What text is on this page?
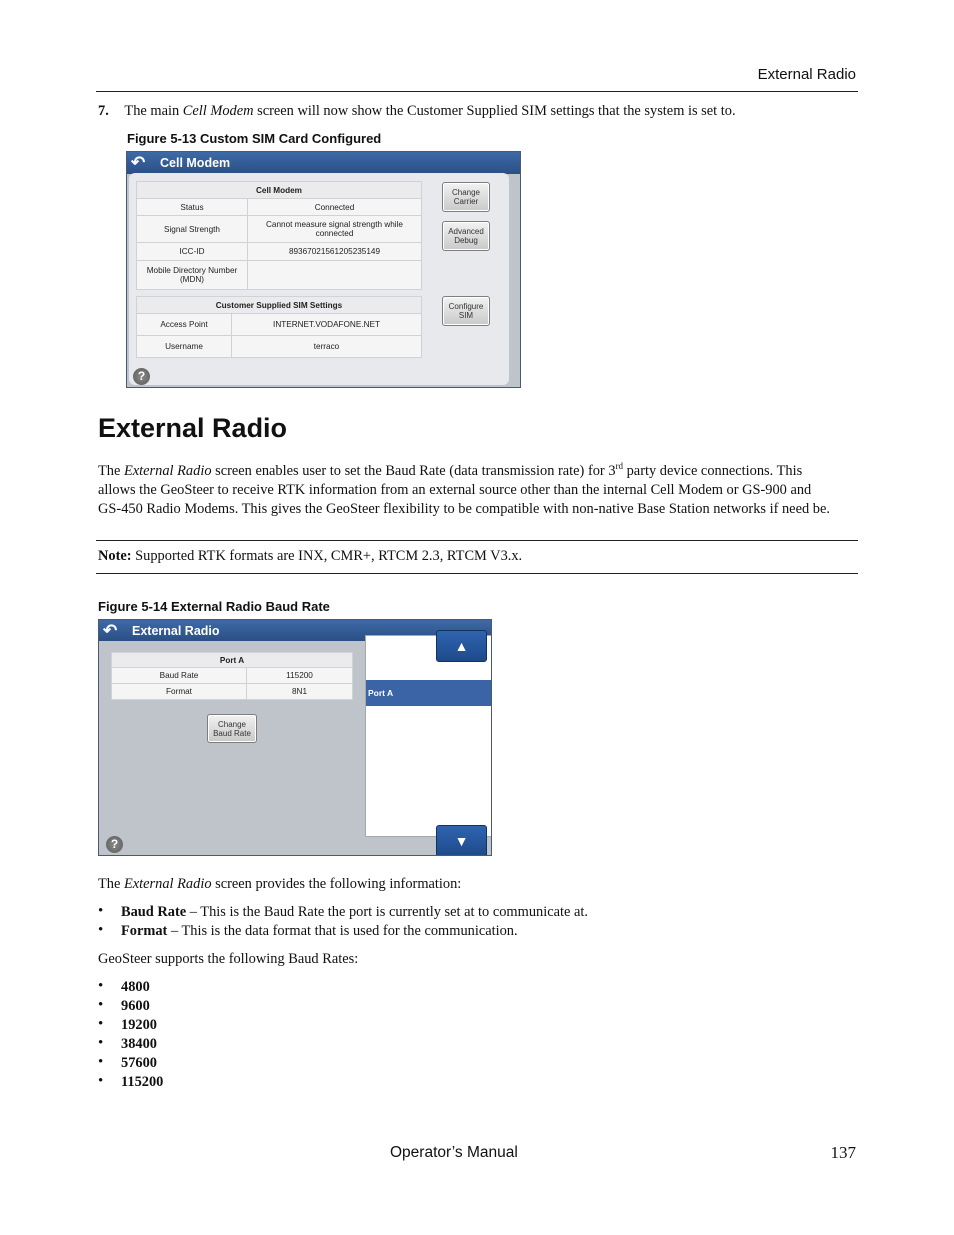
External Radio
7. The main Cell Modem screen will now show the Customer Supplied SIM settings that the system is set to.
Figure 5-13 Custom SIM Card Configured
↶ Cell Modem
Cell Modem	
Status	Connected
Signal Strength	Cannot measure signal strength while connected
ICC-ID	89367021561205235149
Mobile Directory Number (MDN)	
Customer Supplied SIM Settings	
Access Point	INTERNET.VODAFONE.NET
Username	terraco
Change Carrier
Advanced Debug
Configure SIM
?
External Radio
The External Radio screen enables user to set the Baud Rate (data transmission rate) for 3rd party device connections. This
allows the GeoSteer to receive RTK information from an external source other than the internal Cell Modem or GS-900 and
GS-450 Radio Modems. This gives the GeoSteer flexibility to be compatible with non-native Base Station networks if need be.
Note: Supported RTK formats are INX, CMR+, RTCM 2.3, RTCM V3.x.
Figure 5-14 External Radio Baud Rate
↶ External Radio
Port A	
Baud Rate	115200
Format	8N1
Change Baud Rate
Port A
▲
▼
?
The External Radio screen provides the following information:
• Baud Rate – This is the Baud Rate the port is currently set at to communicate at.
• Format – This is the data format that is used for the communication.
GeoSteer supports the following Baud Rates:
• 4800
• 9600
• 19200
• 38400
• 57600
• 115200
Operator’s Manual	137
